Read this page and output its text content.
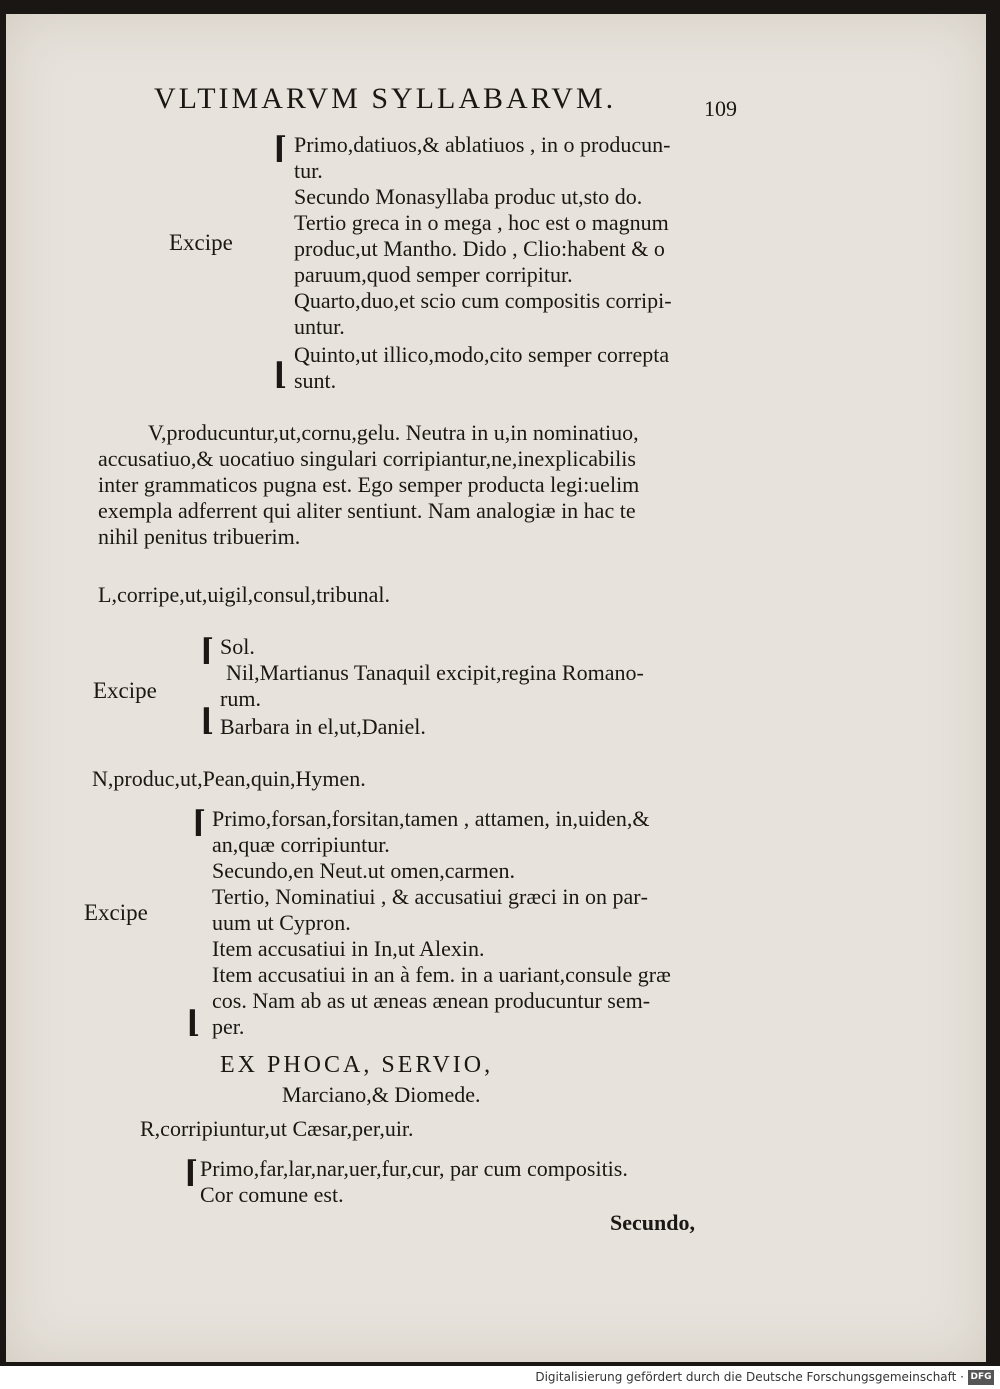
VLTIMARVM SYLLABARVM.	109
⌈ Primo,datiuos,& ablatiuos , in o producun‑
tur.
Secundo Monasyllaba produc ut,sto do.
Tertio greca in o mega , hoc est o magnum
produc,ut Mantho. Dido , Clio:habent & o
paruum,quod semper corripitur.
Quarto,duo,et scio cum compositis corripi‑
untur.
Quinto,ut illico,modo,cito semper correpta
sunt.
⌊
Excipe
V,producuntur,ut,cornu,gelu. Neutra in u,in nominatiuo,
accusatiuo,& uocatiuo singulari corripiantur,ne,inexplicabilis
inter grammaticos pugna est. Ego semper producta legi:uelim
exempla adferrent qui aliter sentiunt. Nam analogiæ in hac te
nihil penitus tribuerim.
L,corripe,ut,uigil,consul,tribunal.
⌈ Sol.
Nil,Martianus Tanaquil excipit,regina Romano‑
rum.
Barbara in el,ut,Daniel.
⌊
Excipe
N,produc,ut,Pean,quin,Hymen.
⌈ Primo,forsan,forsitan,tamen , attamen, in,uiden,&
an,quæ corripiuntur.
Secundo,en Neut.ut omen,carmen.
Tertio, Nominatiui , & accusatiui græci in on par‑
uum ut Cypron.
Item accusatiui in In,ut Alexin.
Item accusatiui in an à fem. in a uariant,consule græ
cos. Nam ab as ut æneas ænean producuntur sem‑
per.
⌊
Excipe
EX PHOCA, SERVIO,
Marciano,& Diomede.
R,corripiuntur,ut Cæsar,per,uir.
⌈ Primo,far,lar,nar,uer,fur,cur, par cum compositis.
Cor comune est.
Secundo,
Digitalisierung gefördert durch die Deutsche Forschungsgemeinschaft · DFG
